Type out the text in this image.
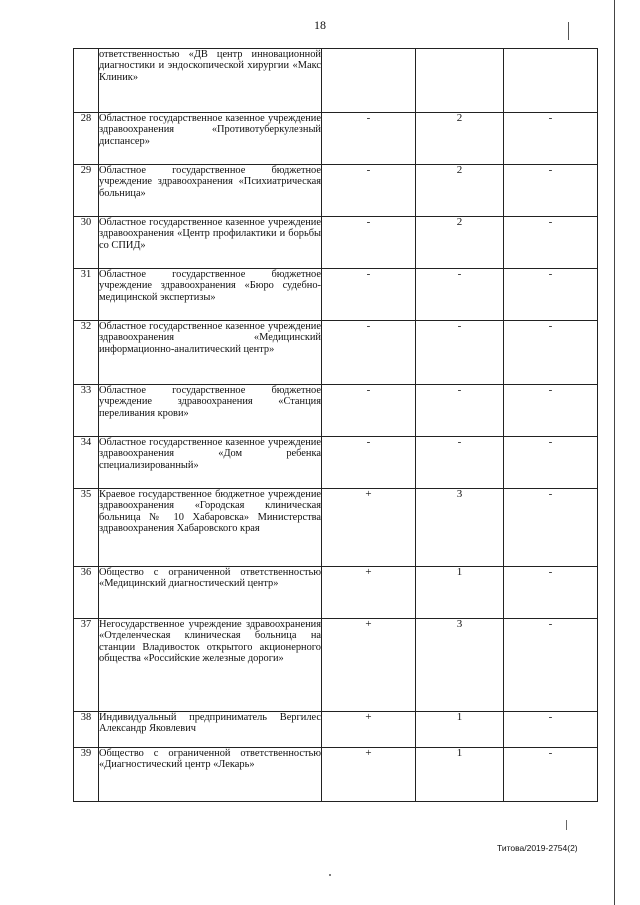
18
	ответственностью «ДВ центр инновационной диагностики и эндоскопической хирургии «Макс Клиник»			
28	Областное государственное казенное учреждение здравоохранения «Противотуберкулезный диспансер»	-	2	-
29	Областное государственное бюджетное учреждение здравоохранения «Психиатрическая больница»	-	2	-
30	Областное государственное казенное учреждение здравоохранения «Центр профилактики и борьбы со СПИД»	-	2	-
31	Областное государственное бюджетное учреждение здравоохранения «Бюро судебно-медицинской экспертизы»	-	-	-
32	Областное государственное казенное учреждение здравоохранения «Медицинский информационно-аналитический центр»	-	-	-
33	Областное государственное бюджетное учреждение здравоохранения «Станция переливания крови»	-	-	-
34	Областное государственное казенное учреждение здравоохранения «Дом ребенка специализированный»	-	-	-
35	Краевое государственное бюджетное учреждение здравоохранения «Городская клиническая больница № 10 Хабаровска» Министерства здравоохранения Хабаровского края	+	3	-
36	Общество с ограниченной ответственностью «Медицинский диагностический центр»	+	1	-
37	Негосударственное учреждение здравоохранения «Отделенческая клиническая больница на станции Владивосток открытого акционерного общества «Российские железные дороги»	+	3	-
38	Индивидуальный предприниматель Вергилес Александр Яковлевич	+	1	-
39	Общество с ограниченной ответственностью «Диагностический центр «Лекарь»	+	1	-
Титова/2019-2754(2)
